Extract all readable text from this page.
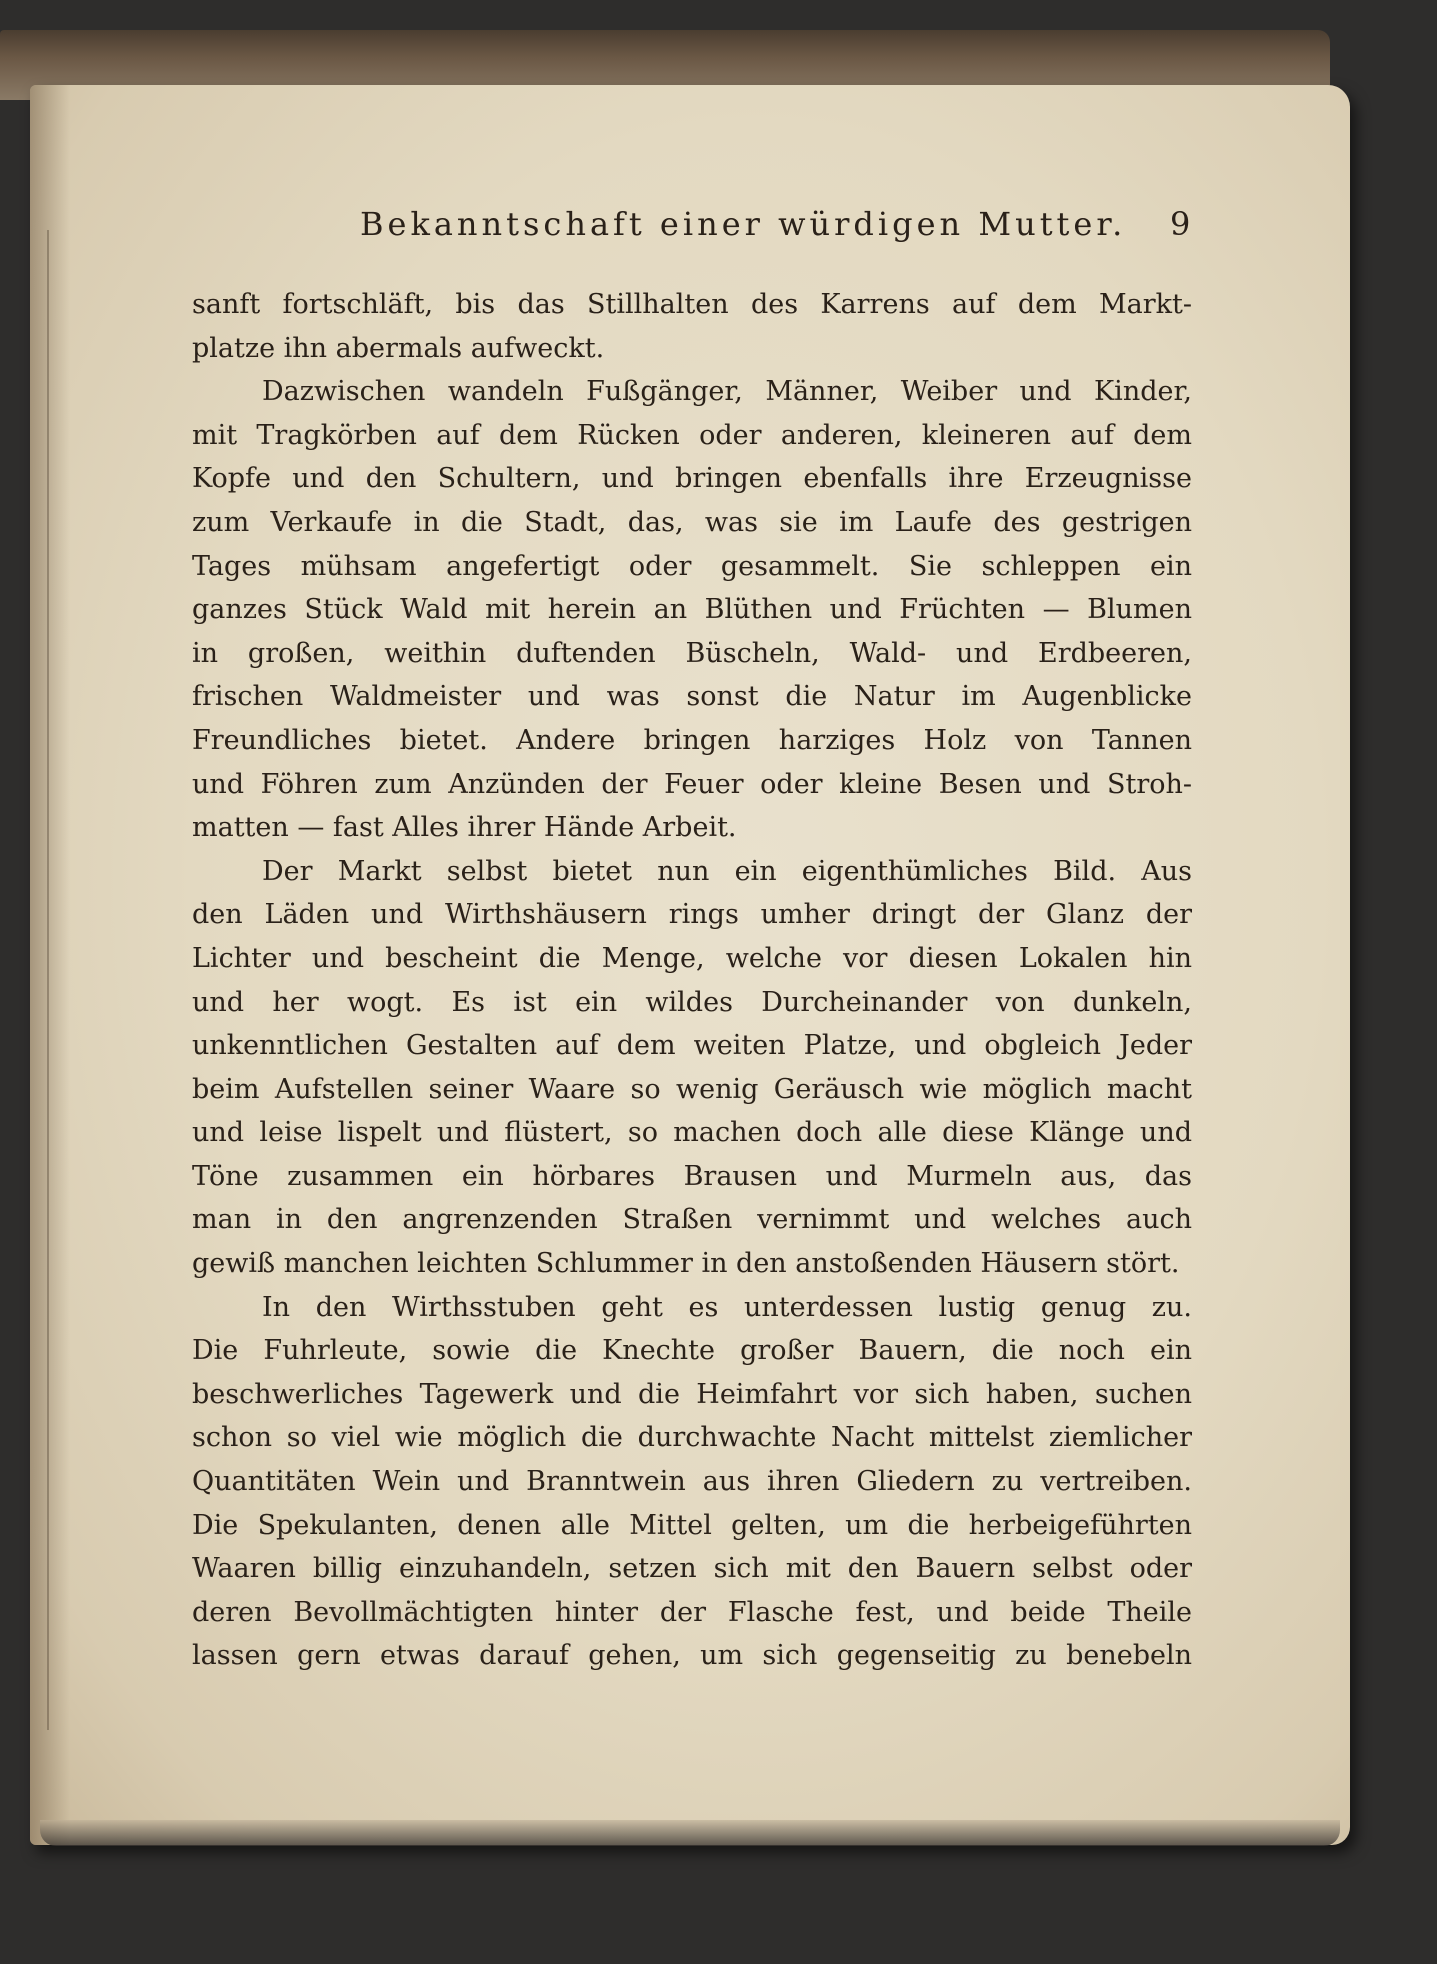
Bekanntschaft einer würdigen Mutter. 9
sanft fortschläft, bis das Stillhalten des Karrens auf dem Markt-
platze ihn abermals aufweckt.
Dazwischen wandeln Fußgänger, Männer, Weiber und Kinder,
mit Tragkörben auf dem Rücken oder anderen, kleineren auf dem
Kopfe und den Schultern, und bringen ebenfalls ihre Erzeugnisse
zum Verkaufe in die Stadt, das, was sie im Laufe des gestrigen
Tages mühsam angefertigt oder gesammelt. Sie schleppen ein
ganzes Stück Wald mit herein an Blüthen und Früchten — Blumen
in großen, weithin duftenden Büscheln, Wald- und Erdbeeren,
frischen Waldmeister und was sonst die Natur im Augenblicke
Freundliches bietet. Andere bringen harziges Holz von Tannen
und Föhren zum Anzünden der Feuer oder kleine Besen und Stroh-
matten — fast Alles ihrer Hände Arbeit.
Der Markt selbst bietet nun ein eigenthümliches Bild. Aus
den Läden und Wirthshäusern rings umher dringt der Glanz der
Lichter und bescheint die Menge, welche vor diesen Lokalen hin
und her wogt. Es ist ein wildes Durcheinander von dunkeln,
unkenntlichen Gestalten auf dem weiten Platze, und obgleich Jeder
beim Aufstellen seiner Waare so wenig Geräusch wie möglich macht
und leise lispelt und flüstert, so machen doch alle diese Klänge und
Töne zusammen ein hörbares Brausen und Murmeln aus, das
man in den angrenzenden Straßen vernimmt und welches auch
gewiß manchen leichten Schlummer in den anstoßenden Häusern stört.
In den Wirthsstuben geht es unterdessen lustig genug zu.
Die Fuhrleute, sowie die Knechte großer Bauern, die noch ein
beschwerliches Tagewerk und die Heimfahrt vor sich haben, suchen
schon so viel wie möglich die durchwachte Nacht mittelst ziemlicher
Quantitäten Wein und Branntwein aus ihren Gliedern zu vertreiben.
Die Spekulanten, denen alle Mittel gelten, um die herbeigeführten
Waaren billig einzuhandeln, setzen sich mit den Bauern selbst oder
deren Bevollmächtigten hinter der Flasche fest, und beide Theile
lassen gern etwas darauf gehen, um sich gegenseitig zu benebeln
